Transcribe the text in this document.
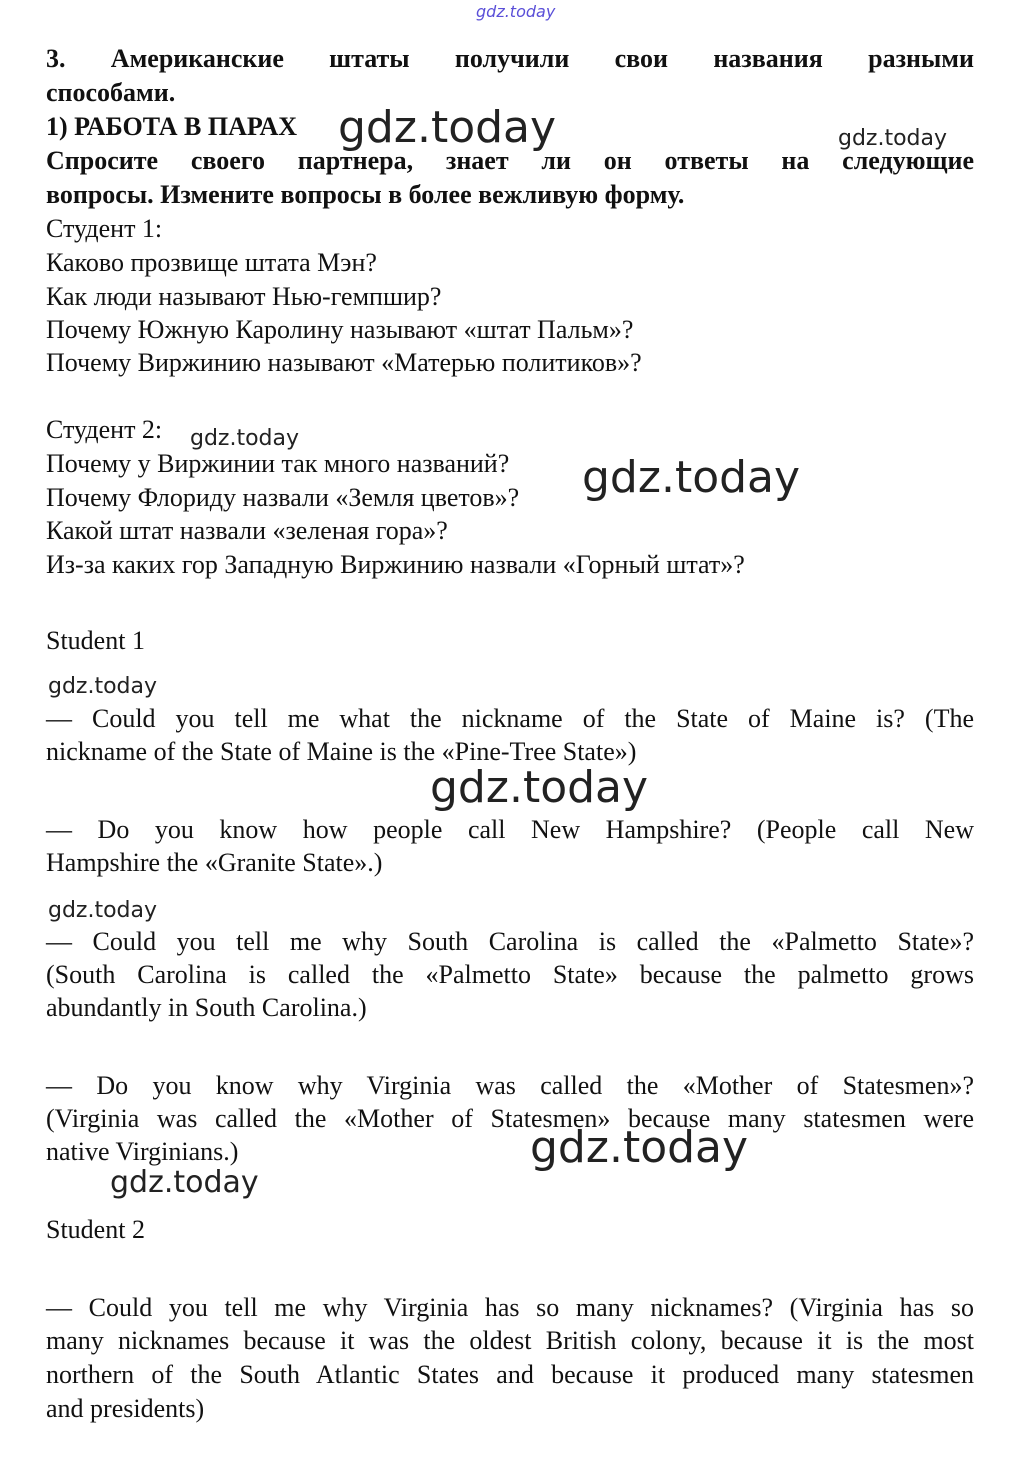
gdz.today
3. Американские штаты получили свои названия разными
способами.
1) РАБОТА В ПАРАХ
Спросите своего партнера, знает ли он ответы на следующие
вопросы. Измените вопросы в более вежливую форму.
Студент 1:
Каково прозвище штата Мэн?
Как люди называют Нью-гемпшир?
Почему Южную Каролину называют «штат Пальм»?
Почему Виржинию называют «Матерью политиков»?
Студент 2:
Почему у Виржинии так много названий?
Почему Флориду назвали «Земля цветов»?
Какой штат назвали «зеленая гора»?
Из-за каких гор Западную Виржинию назвали «Горный штат»?
Student 1
— Could you tell me what the nickname of the State of Maine is? (The
nickname of the State of Maine is the «Pine-Tree State»)
— Do you know how people call New Hampshire? (People call New
Hampshire the «Granite State».)
— Could you tell me why South Carolina is called the «Palmetto State»?
(South Carolina is called the «Palmetto State» because the palmetto grows
abundantly in South Carolina.)
— Do you know why Virginia was called the «Mother of Statesmen»?
(Virginia was called the «Mother of Statesmen» because many statesmen were
native Virginians.)
Student 2
— Could you tell me why Virginia has so many nicknames? (Virginia has so
many nicknames because it was the oldest British colony, because it is the most
northern of the South Atlantic States and because it produced many statesmen
and presidents)
gdz.today	gdz.today
gdz.today
gdz.today
gdz.today
gdz.today
gdz.today
gdz.today
gdz.today
